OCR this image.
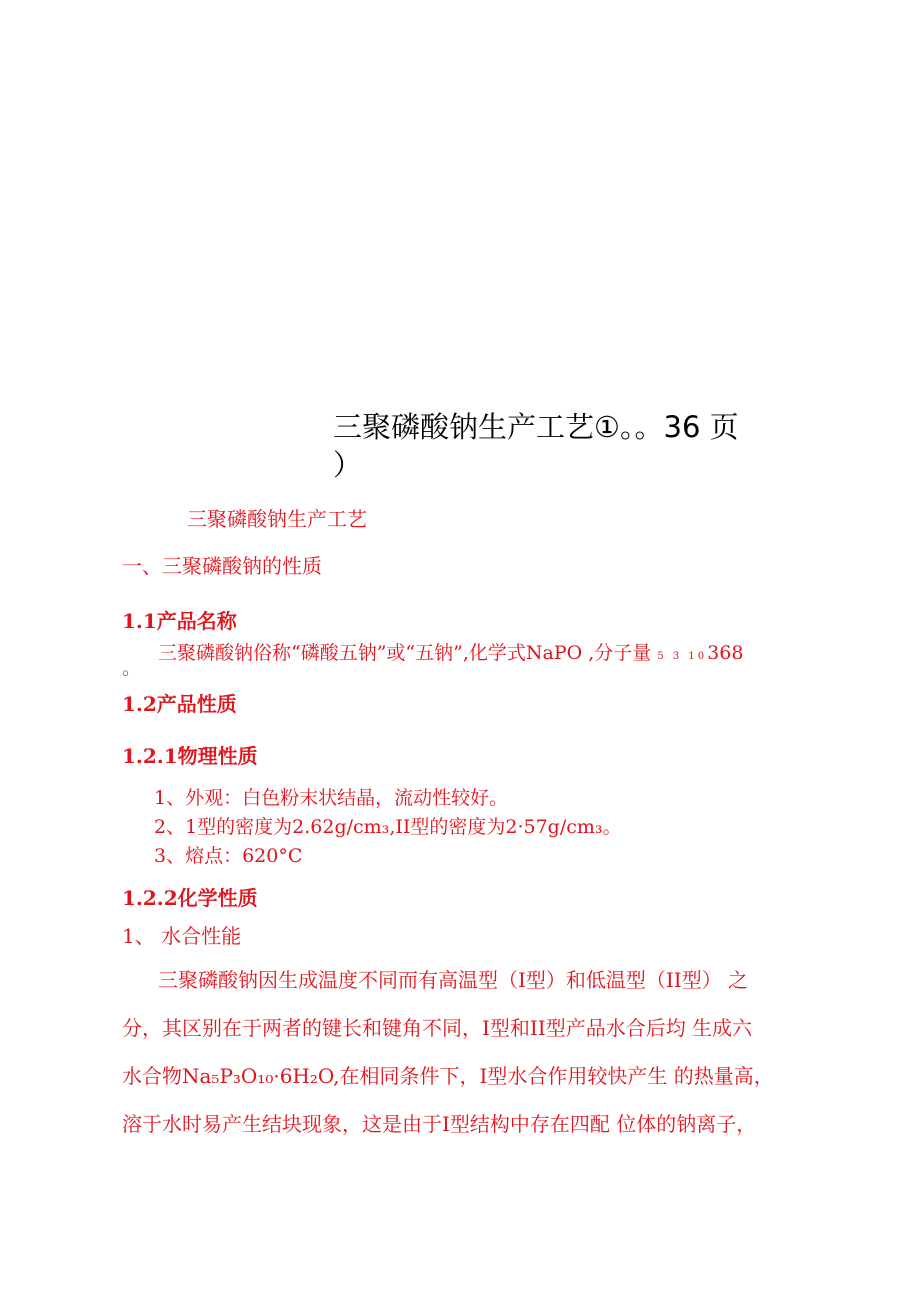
三聚磷酸钠生产工艺①。。36 页
）
三聚磷酸钠生产工艺
一、三聚磷酸钠的性质
1.1产品名称
三聚磷酸钠俗称“磷酸五钠”或“五钠”,化学式NaPO ,分子量 5 3 10368
。
1.2产品性质
1.2.1物理性质
1、外观：白色粉末状结晶，流动性较好。
2、1型的密度为2.62g/cm₃,II型的密度为2·57g/cm₃。
3、熔点：620°C
1.2.2化学性质
1、 水合性能
三聚磷酸钠因生成温度不同而有高温型（I型）和低温型（II型） 之
分，其区别在于两者的键长和键角不同，I型和II型产品水合后均 生成六
水合物Na₅P₃O₁₀·6H₂O,在相同条件下，I型水合作用较快产生 的热量高，
溶于水时易产生结块现象，这是由于I型结构中存在四配 位体的钠离子，
